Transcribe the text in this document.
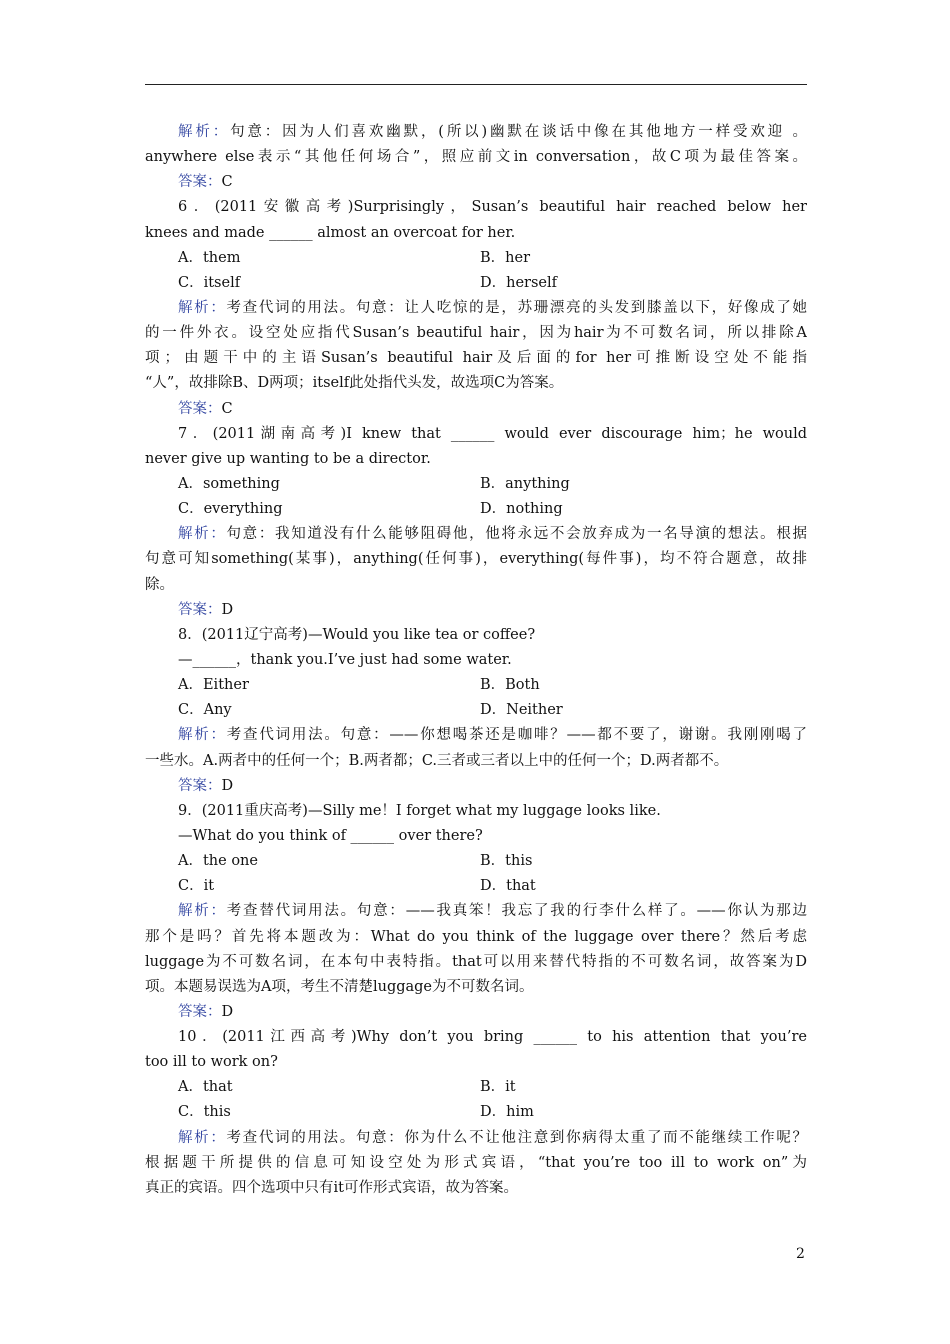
解析：句意：因为人们喜欢幽默，(所以)幽默在谈话中像在其他地方一样受欢迎 。
anywhere else表示“其他任何场合”，照应前文in conversation，故C项为最佳答案。
答案：C
6．(2011安徽高考)Surprisingly，Susan’s beautiful hair reached below her
knees and made ______ almost an overcoat for her.
A．them	B．her
C．itself	D．herself
解析：考查代词的用法。句意：让人吃惊的是，苏珊漂亮的头发到膝盖以下，好像成了她
的一件外衣。设空处应指代Susan’s beautiful hair，因为hair为不可数名词，所以排除A
项；由题干中的主语Susan’s beautiful hair及后面的for her可推断设空处不能指
“人”，故排除B、D两项；itself此处指代头发，故选项C为答案。
答案：C
7．(2011湖南高考)I knew that ______ would ever discourage him；he would
never give up wanting to be a director.
A．something	B．anything
C．everything	D．nothing
解析：句意：我知道没有什么能够阻碍他，他将永远不会放弃成为一名导演的想法。根据
句意可知something(某事)，anything(任何事)，everything(每件事)，均不符合题意，故排
除。
答案：D
8．(2011辽宁高考)—Would you like tea or coffee?
—______，thank you.I’ve just had some water.
A．Either	B．Both
C．Any	D．Neither
解析：考查代词用法。句意：——你想喝茶还是咖啡？——都不要了，谢谢。我刚刚喝了
一些水。A.两者中的任何一个；B.两者都；C.三者或三者以上中的任何一个；D.两者都不。
答案：D
9．(2011重庆高考)—Silly me！I forget what my luggage looks like.
—What do you think of ______ over there?
A．the one	B．this
C．it	D．that
解析：考查替代词用法。句意：——我真笨！我忘了我的行李什么样了。——你认为那边
那个是吗？首先将本题改为：What do you think of the luggage over there？然后考虑
luggage为不可数名词，在本句中表特指。that可以用来替代特指的不可数名词，故答案为D
项。本题易误选为A项，考生不清楚luggage为不可数名词。
答案：D
10．(2011江西高考)Why don’t you bring ______ to his attention that you’re
too ill to work on?
A．that	B．it
C．this	D．him
解析：考查代词的用法。句意：你为什么不让他注意到你病得太重了而不能继续工作呢？
根据题干所提供的信息可知设空处为形式宾语，“that you’re too ill to work on”为
真正的宾语。四个选项中只有it可作形式宾语，故为答案。
2
